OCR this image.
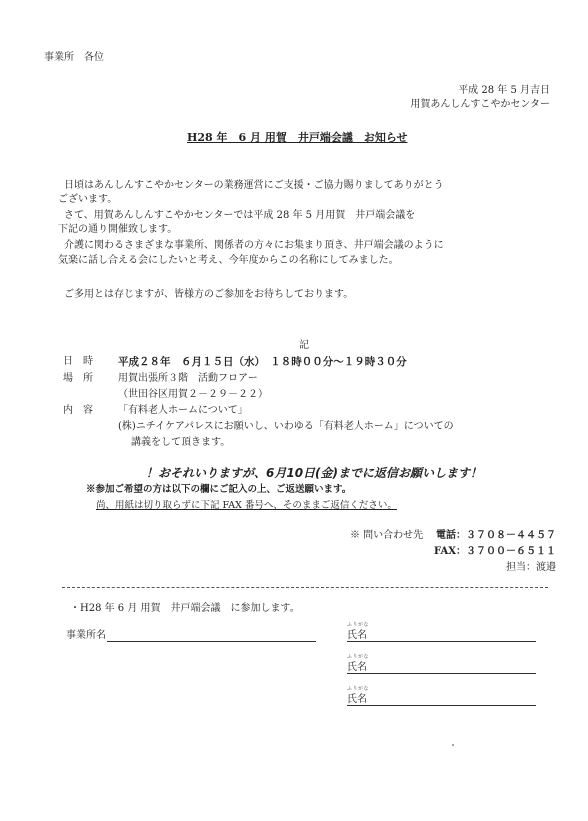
事業所　各位
平成 28 年 5 月吉日
用賀あんしんすこやかセンター
H28 年　6 月 用賀　井戸端会議　お知らせ
日頃はあんしんすこやかセンターの業務運営にご支援・ご協力賜りましてありがとう
ございます。
さて、用賀あんしんすこやかセンターでは平成 28 年 5 月用賀　井戸端会議を
下記の通り開催致します。
介護に関わるさまざまな事業所、関係者の方々にお集まり頂き、井戸端会議のように
気楽に話し合える会にしたいと考え、今年度からこの名称にしてみました。
ご多用とは存じますが、皆様方のご参加をお待ちしております。
記
日　時 平成２８年　６月１５日（水）　１８時００分～１９時３０分
場　所	用賀出張所３階　活動フロアー
（世田谷区用賀２－２９－２２）
内　容	「有料老人ホームについて」
(株)ニチイケアパレスにお願いし、いわゆる「有料老人ホーム」についての
講義をして頂きます。
！おそれいりますが、6月10日(金)までに返信お願いします！
※参加ご希望の方は以下の欄にご記入の上、ご返送願います。
尚、用紙は切り取らずに下記 FAX 番号へ、そのままご返信ください。
※ 問い合わせ先 電話：３７０８－４４５７
FAX：３７００－６５１１
担当：渡邉
・H28 年 6 月 用賀　井戸端会議　に参加します。
事業所名
ふりがな
氏名
ふりがな
氏名
ふりがな
氏名
